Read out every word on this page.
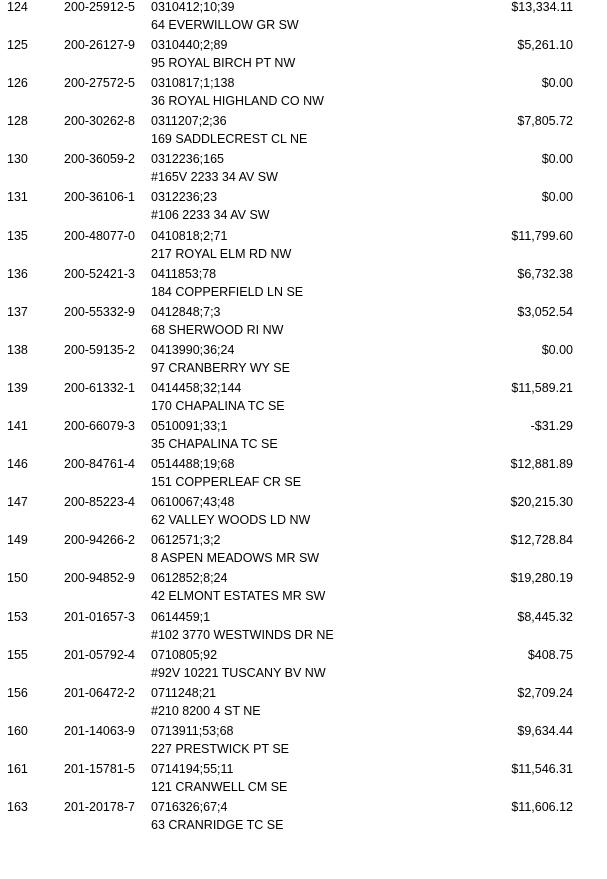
124	200-25912-5 0310412;10;39	$13,334.11
64 EVERWILLOW GR SW
125	200-26127-9 0310440;2;89	$5,261.10
95 ROYAL BIRCH PT NW
126	200-27572-5 0310817;1;138	$0.00
36 ROYAL HIGHLAND CO NW
128	200-30262-8 0311207;2;36	$7,805.72
169 SADDLECREST CL NE
130	200-36059-2 0312236;165	$0.00
#165V 2233 34 AV SW
131	200-36106-1 0312236;23	$0.00
#106 2233 34 AV SW
135	200-48077-0 0410818;2;71	$11,799.60
217 ROYAL ELM RD NW
136	200-52421-3 0411853;78	$6,732.38
184 COPPERFIELD LN SE
137	200-55332-9 0412848;7;3	$3,052.54
68 SHERWOOD RI NW
138	200-59135-2 0413990;36;24	$0.00
97 CRANBERRY WY SE
139	200-61332-1 0414458;32;144	$11,589.21
170 CHAPALINA TC SE
141	200-66079-3 0510091;33;1	-$31.29
35 CHAPALINA TC SE
146	200-84761-4 0514488;19;68	$12,881.89
151 COPPERLEAF CR SE
147	200-85223-4 0610067;43;48	$20,215.30
62 VALLEY WOODS LD NW
149	200-94266-2 0612571;3;2	$12,728.84
8 ASPEN MEADOWS MR SW
150	200-94852-9 0612852;8;24	$19,280.19
42 ELMONT ESTATES MR SW
153	201-01657-3 0614459;1	$8,445.32
#102 3770 WESTWINDS DR NE
155	201-05792-4 0710805;92	$408.75
#92V 10221 TUSCANY BV NW
156	201-06472-2 0711248;21	$2,709.24
#210 8200 4 ST NE
160	201-14063-9 0713911;53;68	$9,634.44
227 PRESTWICK PT SE
161	201-15781-5 0714194;55;11	$11,546.31
121 CRANWELL CM SE
163	201-20178-7 0716326;67;4	$11,606.12
63 CRANRIDGE TC SE
